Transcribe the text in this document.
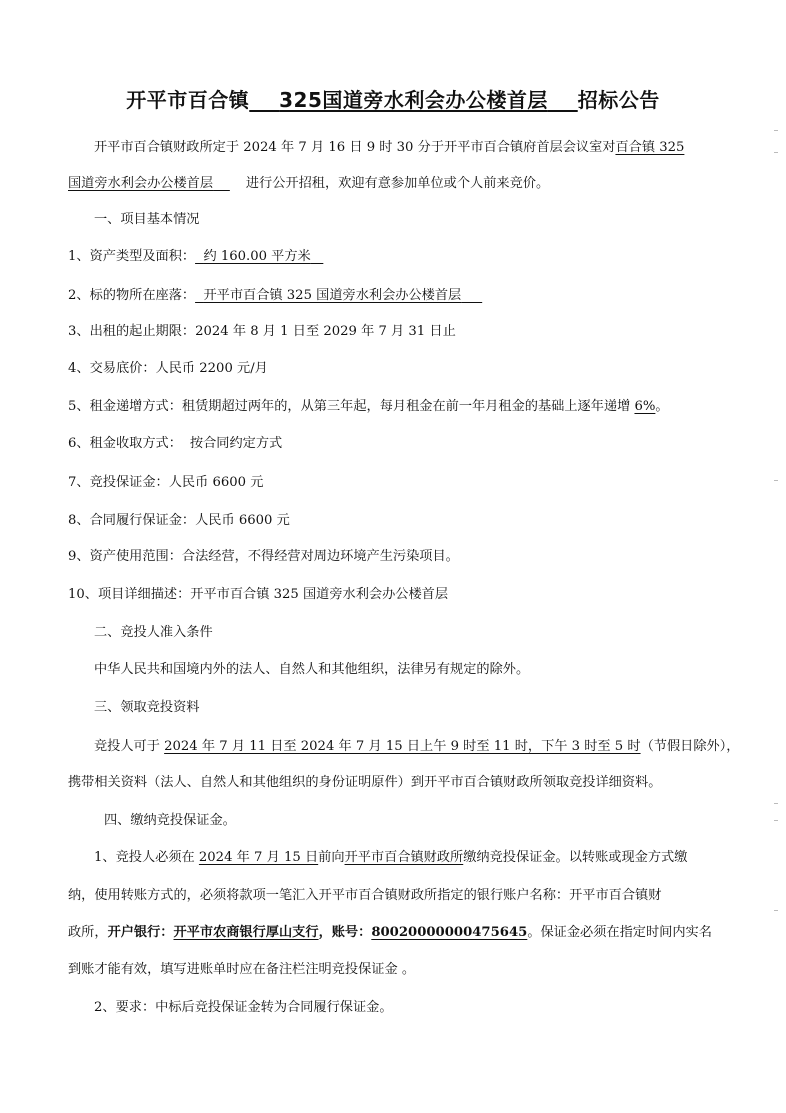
开平市百合镇 325国道旁水利会办公楼首层 招标公告
开平市百合镇财政所定于 2024 年 7 月 16 日 9 时 30 分于开平市百合镇府首层会议室对百合镇 325
国道旁水利会办公楼首层 进行公开招租，欢迎有意参加单位或个人前来竞价。
一、项目基本情况
1、资产类型及面积： 约 160.00 平方米
2、标的物所在座落： 开平市百合镇 325 国道旁水利会办公楼首层
3、出租的起止期限：2024 年 8 月 1 日至 2029 年 7 月 31 日止
4、交易底价：人民币 2200 元/月
5、租金递增方式：租赁期超过两年的，从第三年起，每月租金在前一年月租金的基础上逐年递增 6%。
6、租金收取方式： 按合同约定方式
7、竞投保证金：人民币 6600 元
8、合同履行保证金：人民币 6600 元
9、资产使用范围：合法经营，不得经营对周边环境产生污染项目。
10、项目详细描述：开平市百合镇 325 国道旁水利会办公楼首层
二、竞投人准入条件
中华人民共和国境内外的法人、自然人和其他组织，法律另有规定的除外。
三、领取竞投资料
竞投人可于 2024 年 7 月 11 日至 2024 年 7 月 15 日上午 9 时至 11 时，下午 3 时至 5 时（节假日除外），
携带相关资料（法人、自然人和其他组织的身份证明原件）到开平市百合镇财政所领取竞投详细资料。
四、缴纳竞投保证金。
1、竞投人必须在 2024 年 7 月 15 日前向开平市百合镇财政所缴纳竞投保证金。以转账或现金方式缴
纳，使用转账方式的，必须将款项一笔汇入开平市百合镇财政所指定的银行账户名称：开平市百合镇财
政所，开户银行：开平市农商银行厚山支行，账号：80020000000475645。保证金必须在指定时间内实名
到账才能有效，填写进账单时应在备注栏注明竞投保证金 。
2、要求：中标后竞投保证金转为合同履行保证金。
